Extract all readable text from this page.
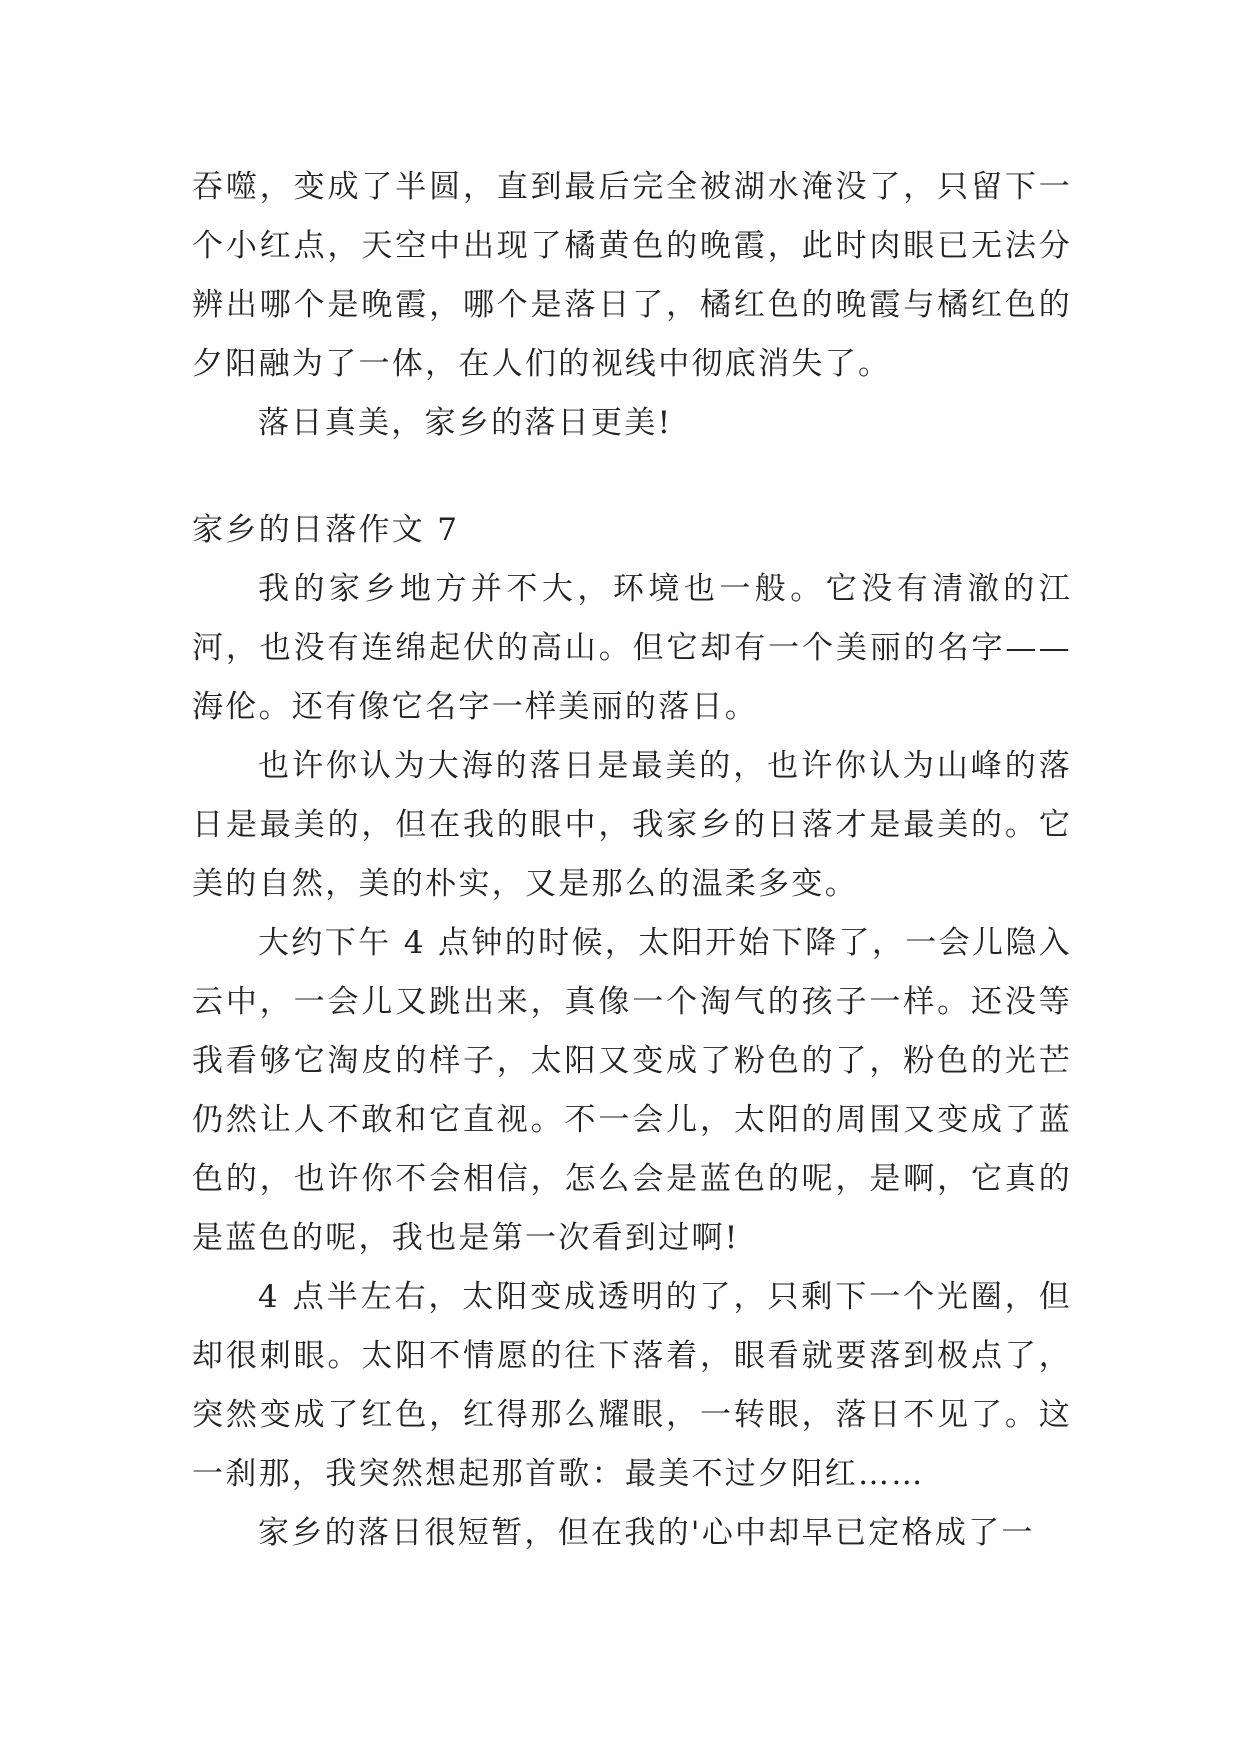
吞噬，变成了半圆，直到最后完全被湖水淹没了，只留下一个小红点，天空中出现了橘黄色的晚霞，此时肉眼已无法分辨出哪个是晚霞，哪个是落日了，橘红色的晚霞与橘红色的夕阳融为了一体，在人们的视线中彻底消失了。

落日真美，家乡的落日更美!

家乡的日落作文 7

我的家乡地方并不大，环境也一般。它没有清澈的江河，也没有连绵起伏的高山。但它却有一个美丽的名字——海伦。还有像它名字一样美丽的落日。

也许你认为大海的落日是最美的，也许你认为山峰的落日是最美的，但在我的眼中，我家乡的日落才是最美的。它美的自然，美的朴实，又是那么的温柔多变。

大约下午 4 点钟的时候，太阳开始下降了，一会儿隐入云中，一会儿又跳出来，真像一个淘气的孩子一样。还没等我看够它淘皮的样子，太阳又变成了粉色的了，粉色的光芒仍然让人不敢和它直视。不一会儿，太阳的周围又变成了蓝色的，也许你不会相信，怎么会是蓝色的呢，是啊，它真的是蓝色的呢，我也是第一次看到过啊!

4 点半左右，太阳变成透明的了，只剩下一个光圈，但却很刺眼。太阳不情愿的往下落着，眼看就要落到极点了，突然变成了红色，红得那么耀眼，一转眼，落日不见了。这一刹那，我突然想起那首歌：最美不过夕阳红……

家乡的落日很短暂，但在我的'心中却早已定格成了一
